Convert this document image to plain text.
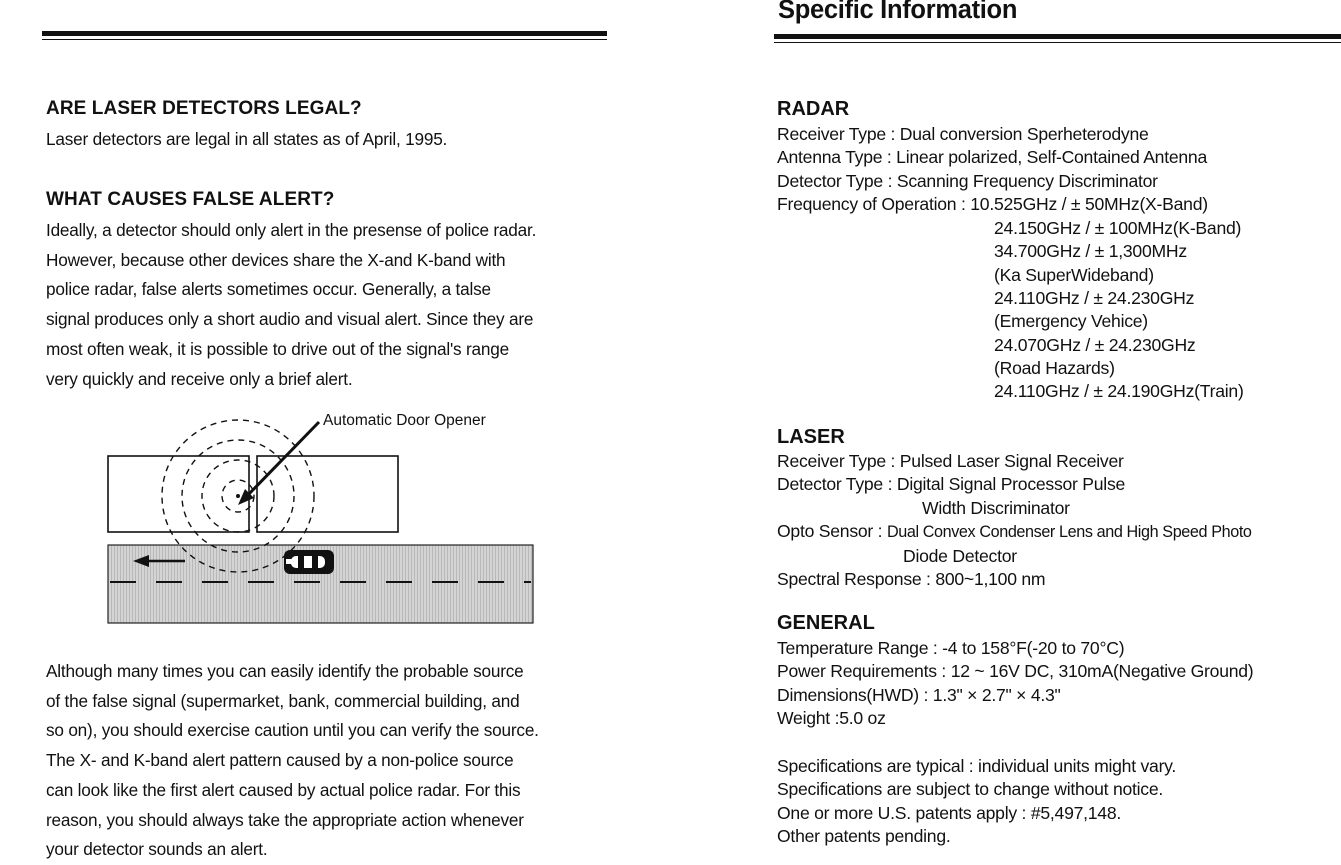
ARE LASER DETECTORS LEGAL?

Laser detectors are legal in all states as of April, 1995.

WHAT CAUSES FALSE ALERT?
Ideally, a detector should only alert in the presense of police radar.
However, because other devices share the X-and K-band with
police radar, false alerts sometimes occur. Generally, a talse
signal produces only a short audio and visual alert. Since they are
most often weak, it is possible to drive out of the signal's range
very quickly and receive only a brief alert.
Automatic Door Opener
Although many times you can easily identify the probable source
of the false signal (supermarket, bank, commercial building, and
so on), you should exercise caution until you can verify the source.
The X- and K-band alert pattern caused by a non-police source
can look like the first alert caused by actual police radar. For this
reason, you should always take the appropriate action whenever
your detector sounds an alert.
Specific Information
RADAR
Receiver Type : Dual conversion Sperheterodyne
Antenna Type : Linear polarized, Self-Contained Antenna
Detector Type : Scanning Frequency Discriminator
Frequency of Operation : 10.525GHz / ± 50MHz(X-Band)
24.150GHz / ± 100MHz(K-Band)
34.700GHz / ± 1,300MHz
(Ka SuperWideband)
24.110GHz / ± 24.230GHz
(Emergency Vehice)
24.070GHz / ± 24.230GHz
(Road Hazards)
24.110GHz / ± 24.190GHz(Train)
LASER
Receiver Type : Pulsed Laser Signal Receiver
Detector Type : Digital Signal Processor Pulse
Width Discriminator
Opto Sensor : Dual Convex Condenser Lens and High Speed Photo
Diode Detector
Spectral Response : 800~1,100 nm
GENERAL
Temperature Range : -4 to 158°F(-20 to 70°C)
Power Requirements : 12 ~ 16V DC, 310mA(Negative Ground)
Dimensions(HWD) : 1.3" × 2.7" × 4.3"
Weight :5.0 oz
Specifications are typical : individual units might vary.
Specifications are subject to change without notice.
One or more U.S. patents apply : #5,497,148.
Other patents pending.
